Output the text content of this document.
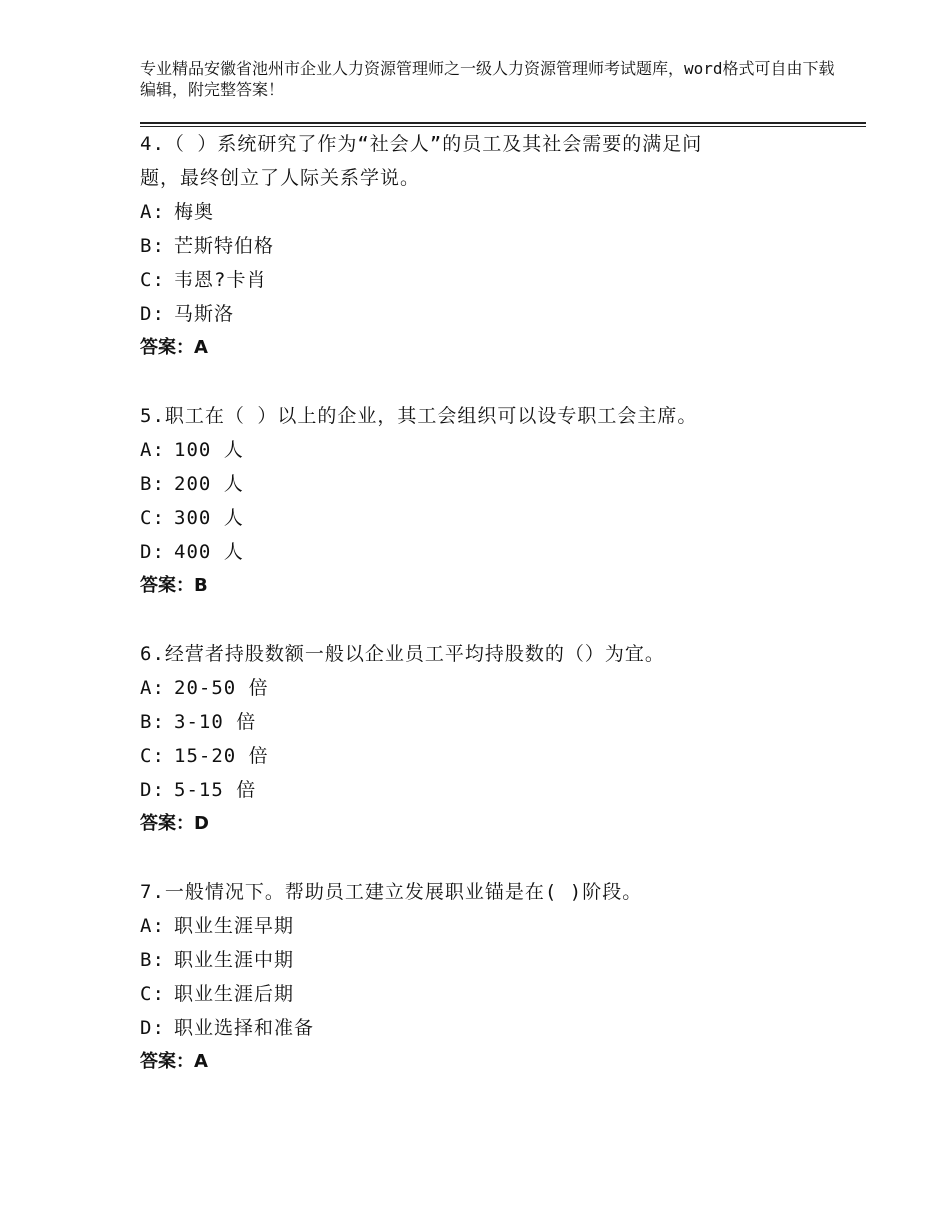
专业精品安徽省池州市企业人力资源管理师之一级人力资源管理师考试题库，word格式可自由下载编辑，附完整答案！

4.（ ）系统研究了作为“社会人”的员工及其社会需要的满足问

题，最终创立了人际关系学说。

A: 梅奥

B: 芒斯特伯格

C: 韦恩?卡肖

D: 马斯洛

答案：A

5.职工在（ ）以上的企业，其工会组织可以设专职工会主席。

A: 100 人

B: 200 人

C: 300 人

D: 400 人

答案：B

6.经营者持股数额一般以企业员工平均持股数的（）为宜。

A: 20-50 倍

B: 3-10 倍

C: 15-20 倍

D: 5-15 倍

答案：D

7.一般情况下。帮助员工建立发展职业锚是在( )阶段。

A: 职业生涯早期

B: 职业生涯中期

C: 职业生涯后期

D: 职业选择和准备

答案：A
